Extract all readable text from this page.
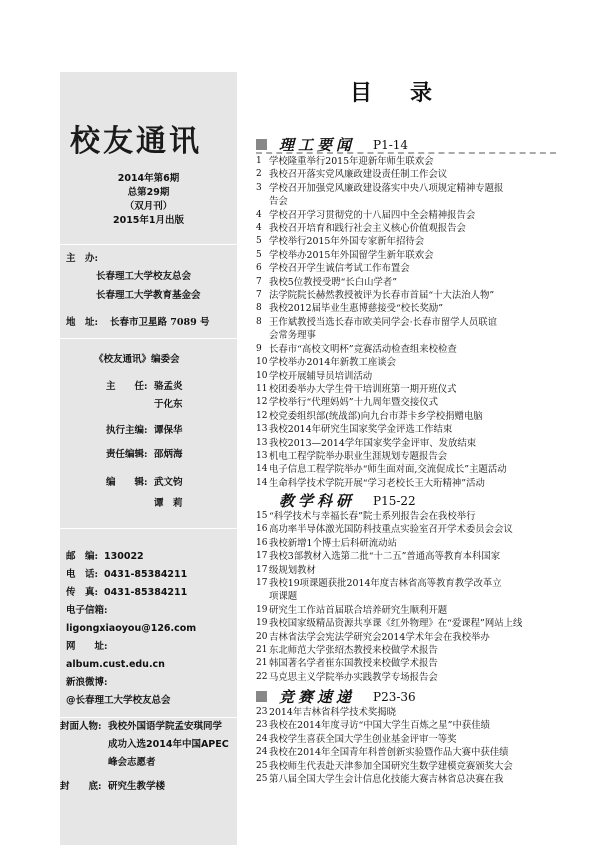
校友通讯
2014年第6期
总第29期
（双月刊）
2015年1月出版
主　办:
长春理工大学校友总会
长春理工大学教育基金会
地　址: 长春市卫星路 7089 号
《校友通讯》编委会
主　　任: 骆孟炎
于化东
执行主编: 谭保华
责任编辑: 邵炳海
编　　辑: 武文钧
谭　莉
邮　编: 130022
电　话: 0431-85384211
传　真: 0431-85384211
电子信箱:
ligongxiaoyou@126.com
网　　址:
album.cust.edu.cn
新浪微博:
@长春理工大学校友总会
封面人物: 我校外国语学院孟安琪同学
成功入选2014年中国APEC
峰会志愿者
封　　底: 研究生教学楼
目录
理工要闻 P1-14
1 学校隆重举行2015年迎新年师生联欢会
2 我校召开落实党风廉政建设责任制工作会议
3 学校召开加强党风廉政建设落实中央八项规定精神专题报
告会
4 学校召开学习贯彻党的十八届四中全会精神报告会
4 我校召开培育和践行社会主义核心价值观报告会
5 学校举行2015年外国专家新年招待会
5 学校举办2015年外国留学生新年联欢会
6 学校召开学生诚信考试工作布置会
7 我校5位教授受聘“长白山学者”
7 法学院院长赫然教授被评为长春市首届“十大法治人物”
8 我校2012届毕业生惠博慈接受“校长奖励”
8 王作斌教授当选长春市欧美同学会·长春市留学人员联谊
会常务理事
9 长春市“高校文明杯”竞赛活动检查组来校检查
10 学校举办2014年新教工座谈会
10 学校开展辅导员培训活动
11 校团委举办大学生骨干培训班第一期开班仪式
12 学校举行“代理妈妈”十九周年暨交接仪式
12 校党委组织部(统战部)向九台市莽卡乡学校捐赠电脑
13 我校2014年研究生国家奖学金评选工作结束
13 我校2013—2014学年国家奖学金评审、发放结束
13 机电工程学院举办职业生涯规划专题报告会
14 电子信息工程学院举办“师生面对面,交流促成长”主题活动
14 生命科学技术学院开展“学习老校长王大珩精神”活动
教学科研 P15-22
15 “科学技术与幸福长春”院士系列报告会在我校举行
16 高功率半导体激光国防科技重点实验室召开学术委员会会议
16 我校新增1个博士后科研流动站
17 我校3部教材入选第二批“十二五”普通高等教育本科国家
17 级规划教材
17 我校19项课题获批2014年度吉林省高等教育教学改革立
项课题
19 研究生工作站首届联合培养研究生顺利开题
19 我校国家级精品资源共享课《红外物理》在“爱课程”网站上线
20 吉林省法学会宪法学研究会2014学术年会在我校举办
21 东北师范大学张绍杰教授来校做学术报告
21 韩国著名学者崔东国教授来校做学术报告
22 马克思主义学院举办实践教学专场报告会
竞赛速递 P23-36
23 2014年吉林省科学技术奖揭晓
23 我校在2014年度寻访“中国大学生百炼之星”中获佳绩
24 我校学生喜获全国大学生创业基金评审一等奖
24 我校在2014年全国青年科普创新实验暨作品大赛中获佳绩
25 我校师生代表赴天津参加全国研究生数学建模竞赛颁奖大会
25 第八届全国大学生会计信息化技能大赛吉林省总决赛在我
